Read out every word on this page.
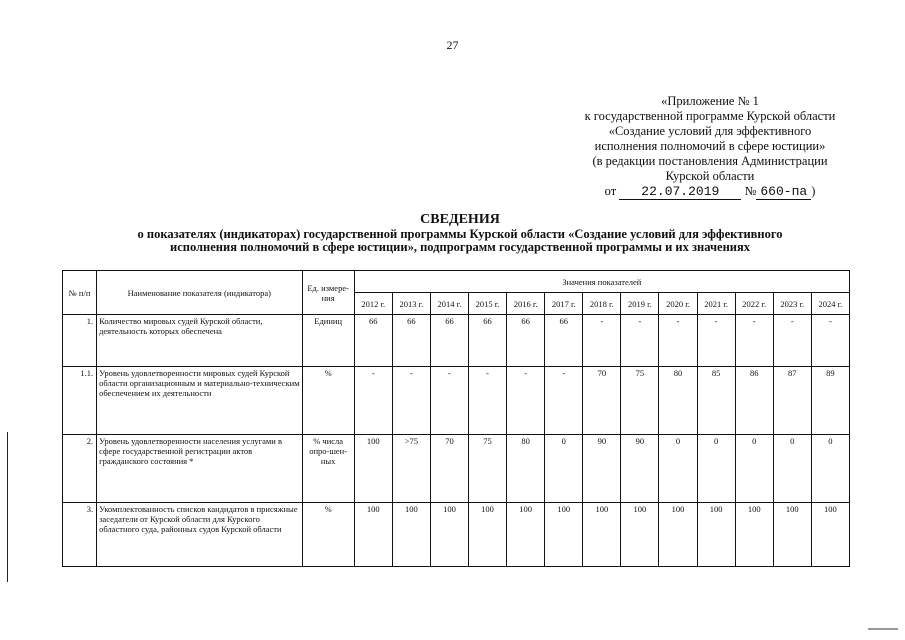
27
«Приложение № 1
к государственной программе Курской области
«Создание условий для эффективного
исполнения полномочий в сфере юстиции»
(в редакции постановления Администрации
Курской области
от 22.07.2019 № 660-па )
СВЕДЕНИЯ
о показателях (индикаторах) государственной программы Курской области «Создание условий для эффективного
исполнения полномочий в сфере юстиции», подпрограмм государственной программы и их значениях
№ п/п	Наименование показателя (индикатора)	Ед. измере-ния	Значения показателей												
			2012 г.	2013 г.	2014 г.	2015 г.	2016 г.	2017 г.	2018 г.	2019 г.	2020 г.	2021 г.	2022 г.	2023 г.	2024 г.
1.	Количество мировых судей Курской области, деятельность которых обеспечена	Единиц	66	66	66	66	66	66	-	-	-	-	-	-	-
1.1.	Уровень удовлетворенности мировых судей Курской области организационным и материально-техническим обеспечением их деятельности	%	-	-	-	-	-	-	70	75	80	85	86	87	89
2.	Уровень удовлетворенности населения услугами в сфере государственной регистрации актов гражданского состояния *	% числа опро-шен-ных	100	>75	70	75	80	0	90	90	0	0	0	0	0
3.	Укомплектованность списков кандидатов в присяжные заседатели от Курской области для Курского областного суда, районных судов Курской области	%	100	100	100	100	100	100	100	100	100	100	100	100	100
